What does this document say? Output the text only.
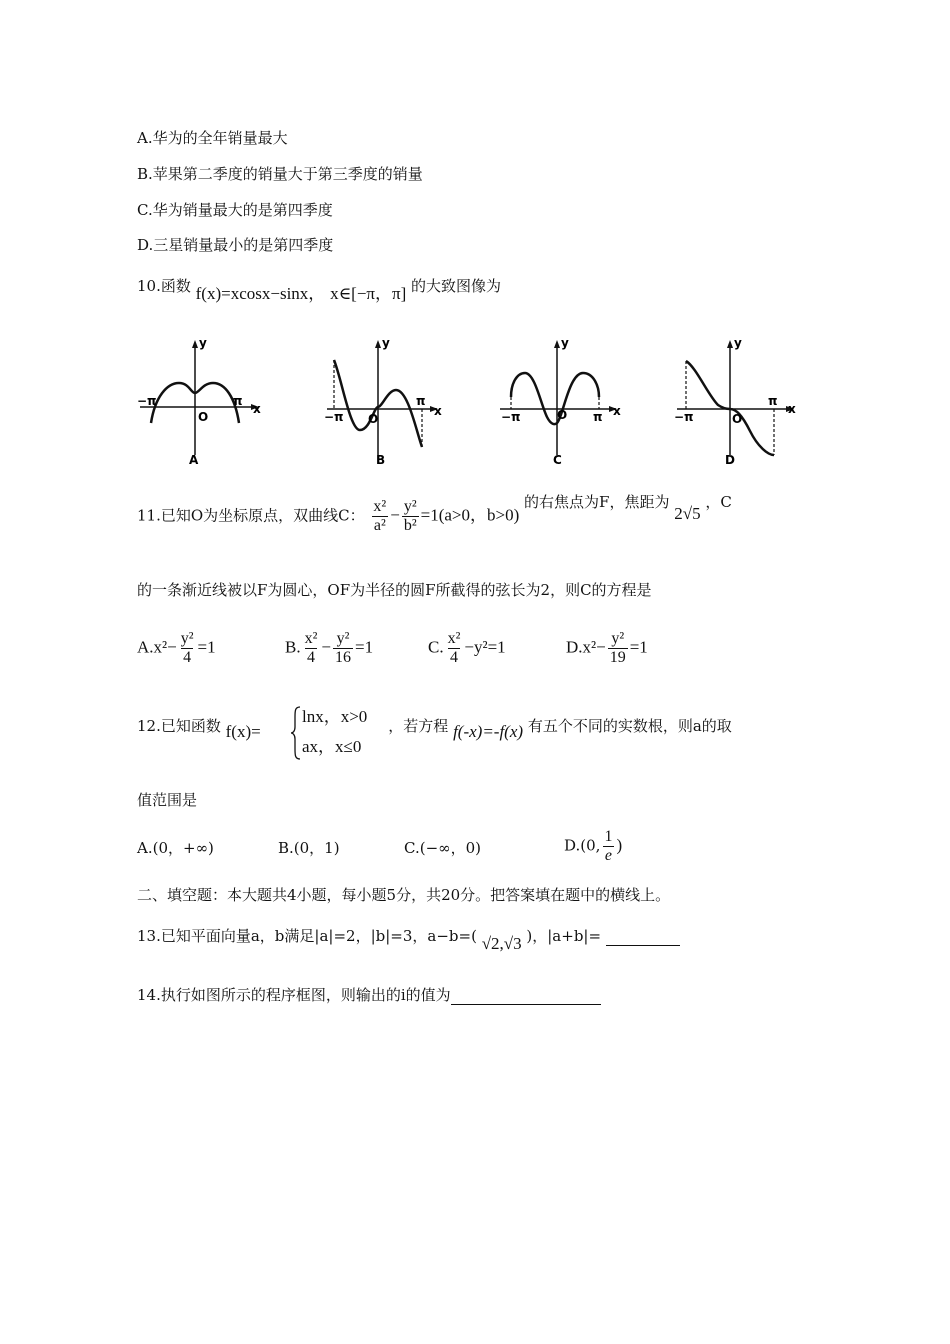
A.华为的全年销量最大
B.苹果第二季度的销量大于第三季度的销量
C.华为销量最大的是第四季度
D.三星销量最小的是第四季度
10.函数 f(x)=xcosx−sinx， x∈[−π，π] 的大致图像为
y
x
O
−π	π
A
y
x
O
−π
π
B
y
x
O
−π	π
C
y
x
O
−π
π
D
11.已知O为坐标原点，双曲线C： $\frac{\text{x²}}{\text{a²}} - \frac{\text{y²}}{\text{b²}} =1(a>0$，b>0) 的右焦点为F，焦距为 2√5 ，C
的一条渐近线被以F为圆心，OF为半径的圆F所截得的弦长为2，则C的方程是
$A.x^2- \frac{\text{y²}}{4} =1$	B. $\frac{\text{x²}}{4} - \frac{\text{y²}}{16} =1$	C. $\frac{\text{x²}}{4} -y^2=1$	$D.x^2- \frac{\text{y²}}{19} =1$
12.已知函数 f(x)=	，若方程 f(-x)=-f(x) 有五个不同的实数根，则a的取
lnx，x>0
ax，x≤0
值范围是
A.(0，+∞)	B.(0，1)	C.(−∞，0)	D.(0, $\frac{1}{e}$ )
二、填空题：本大题共4小题，每小题5分，共20分。把答案填在题中的横线上。
13.已知平面向量a，b满足|a|=2，|b|=3，a−b=( √2,√3 )，|a+b|=
14.执行如图所示的程序框图，则输出的i的值为
